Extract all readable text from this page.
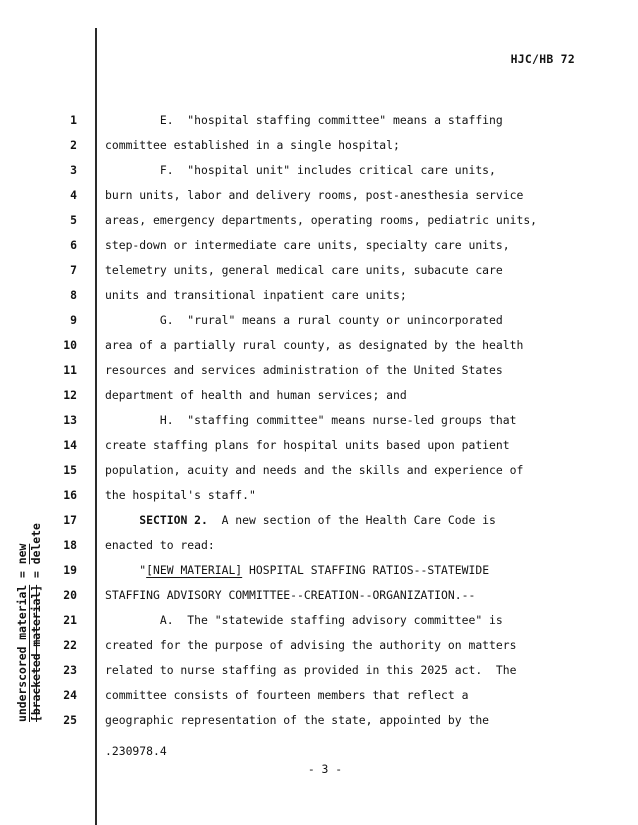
HJC/HB 72
underscored material = new
[bracketed material] = delete
1 E.  "hospital staffing committee" means a staffing
2 committee established in a single hospital;
3 F.  "hospital unit" includes critical care units,
4 burn units, labor and delivery rooms, post-anesthesia service
5 areas, emergency departments, operating rooms, pediatric units,
6 step-down or intermediate care units, specialty care units,
7 telemetry units, general medical care units, subacute care
8 units and transitional inpatient care units;
9 G.  "rural" means a rural county or unincorporated
10 area of a partially rural county, as designated by the health
11 resources and services administration of the United States
12 department of health and human services; and
13 H.  "staffing committee" means nurse-led groups that
14 create staffing plans for hospital units based upon patient
15 population, acuity and needs and the skills and experience of
16 the hospital's staff."
17	SECTION 2.  A new section of the Health Care Code is
18 enacted to read:
19 "[NEW MATERIAL] HOSPITAL STAFFING RATIOS--STATEWIDE
20 STAFFING ADVISORY COMMITTEE--CREATION--ORGANIZATION.--
21 A.  The "statewide staffing advisory committee" is
22 created for the purpose of advising the authority on matters
23 related to nurse staffing as provided in this 2025 act.  The
24 committee consists of fourteen members that reflect a
25 geographic representation of the state, appointed by the
.230978.4
- 3 -
